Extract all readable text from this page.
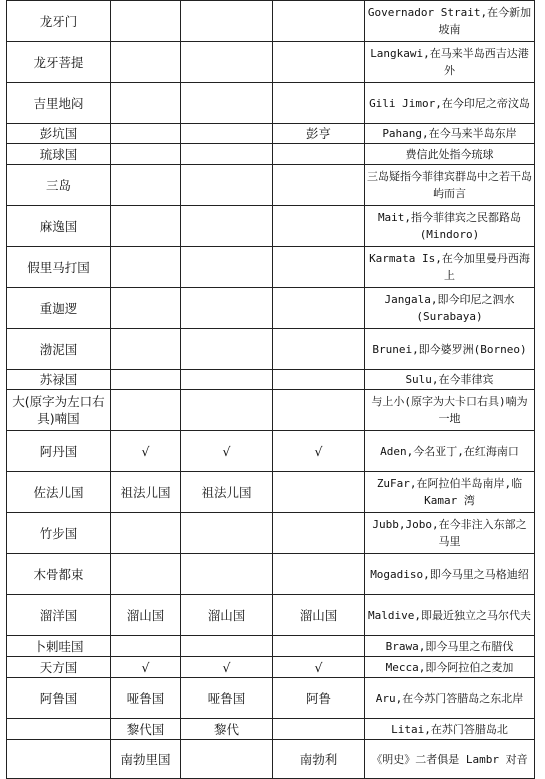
龙牙门				Governador Strait,在今新加坡南
龙牙菩提				Langkawi,在马来半岛西吉达港外
吉里地闷				Gili Jimor,在今印尼之帝汶岛
彭坑国			彭亨	Pahang,在今马来半岛东岸
琉球国				费信此处指今琉球
三岛				三岛疑指今菲律宾群岛中之若干岛屿而言
麻逸国				Mait,指今菲律宾之民都路岛(Mindoro)
假里马打国				Karmata Is,在今加里曼丹西海上
重迦逻				Jangala,即今印尼之泗水(Surabaya)
渤泥国				Brunei,即今婆罗洲(Borneo)
苏禄国				Sulu,在今菲律宾
大(原字为左口右具)喃国				与上小(原字为大卡口右具)喃为一地
阿丹国	√	√	√	Aden,今名亚丁,在红海南口
佐法儿国	祖法儿国	祖法儿国		ZuFar,在阿拉伯半岛南岸,临 Kamar 湾
竹步国				Jubb,Jobo,在今非注入东部之马里
木骨都束				Mogadiso,即今马里之马格迪绍
溜洋国	溜山国	溜山国	溜山国	Maldive,即最近独立之马尔代夫
卜剌哇国				Brawa,即今马里之布腊伐
天方国	√	√	√	Mecca,即今阿拉伯之麦加
阿鲁国	哑鲁国	哑鲁国	阿鲁	Aru,在今苏门答腊岛之东北岸
	黎代国	黎代		Litai,在苏门答腊岛北
	南勃里国		南勃利	《明史》二者俱是 Lambr 对音
